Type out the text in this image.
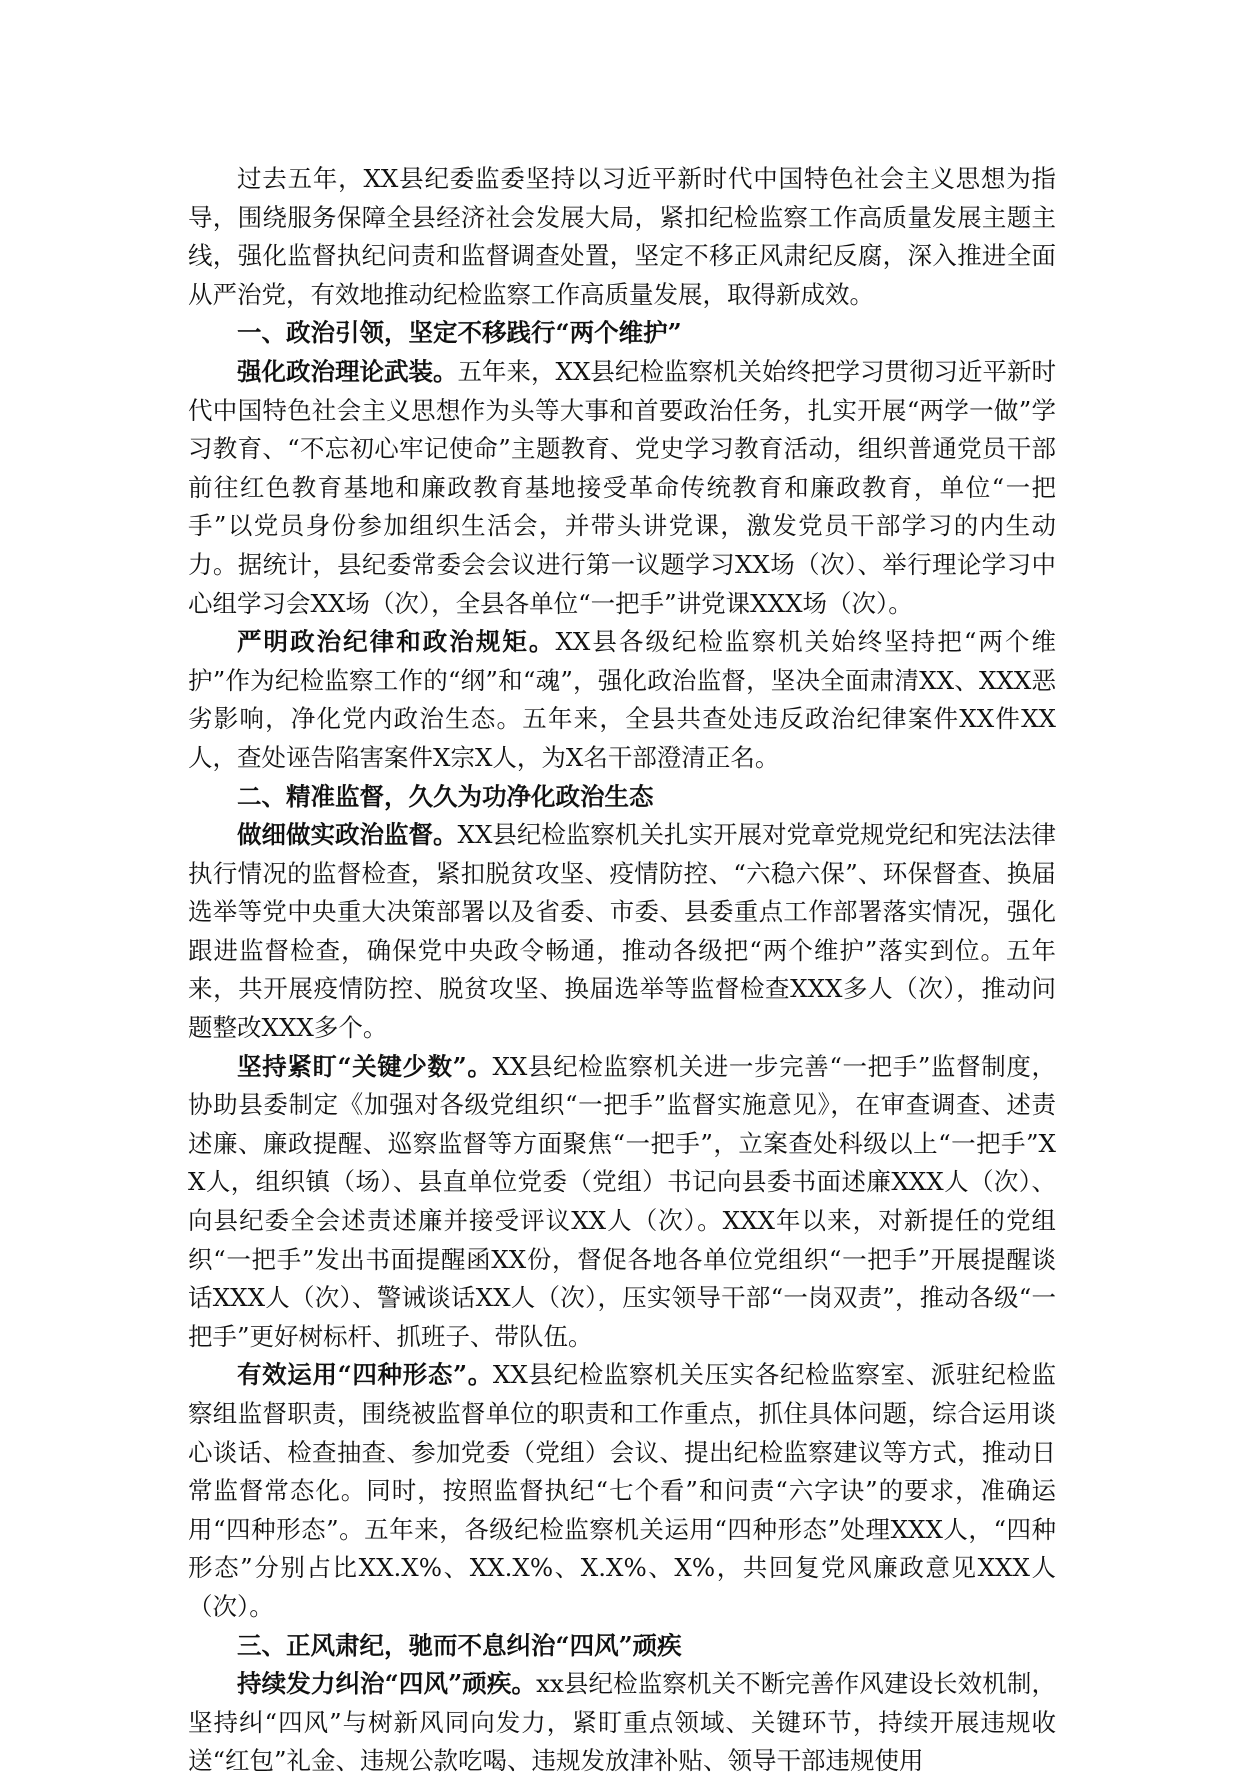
过去五年，XX县纪委监委坚持以习近平新时代中国特色社会主义思想为指导，围绕服务保障全县经济社会发展大局，紧扣纪检监察工作高质量发展主题主线，强化监督执纪问责和监督调查处置，坚定不移正风肃纪反腐，深入推进全面从严治党，有效地推动纪检监察工作高质量发展，取得新成效。

一、政治引领，坚定不移践行“两个维护”

强化政治理论武装。五年来，XX县纪检监察机关始终把学习贯彻习近平新时代中国特色社会主义思想作为头等大事和首要政治任务，扎实开展“两学一做”学习教育、“不忘初心牢记使命”主题教育、党史学习教育活动，组织普通党员干部前往红色教育基地和廉政教育基地接受革命传统教育和廉政教育，单位“一把手”以党员身份参加组织生活会，并带头讲党课，激发党员干部学习的内生动力。据统计，县纪委常委会会议进行第一议题学习XX场（次）、举行理论学习中心组学习会XX场（次），全县各单位“一把手”讲党课XXX场（次）。

严明政治纪律和政治规矩。XX县各级纪检监察机关始终坚持把“两个维护”作为纪检监察工作的“纲”和“魂”，强化政治监督，坚决全面肃清XX、XXX恶劣影响，净化党内政治生态。五年来，全县共查处违反政治纪律案件XX件XX人，查处诬告陷害案件X宗X人，为X名干部澄清正名。

二、精准监督，久久为功净化政治生态

做细做实政治监督。XX县纪检监察机关扎实开展对党章党规党纪和宪法法律执行情况的监督检查，紧扣脱贫攻坚、疫情防控、“六稳六保”、环保督查、换届选举等党中央重大决策部署以及省委、市委、县委重点工作部署落实情况，强化跟进监督检查，确保党中央政令畅通，推动各级把“两个维护”落实到位。五年来，共开展疫情防控、脱贫攻坚、换届选举等监督检查XXX多人（次），推动问题整改XXX多个。

坚持紧盯“关键少数”。XX县纪检监察机关进一步完善“一把手”监督制度，协助县委制定《加强对各级党组织“一把手”监督实施意见》，在审查调查、述责述廉、廉政提醒、巡察监督等方面聚焦“一把手”，立案查处科级以上“一把手”XX人，组织镇（场）、县直单位党委（党组）书记向县委书面述廉XXX人（次）、向县纪委全会述责述廉并接受评议XX人（次）。XXX年以来，对新提任的党组织“一把手”发出书面提醒函XX份，督促各地各单位党组织“一把手”开展提醒谈话XXX人（次）、警诫谈话XX人（次），压实领导干部“一岗双责”，推动各级“一把手”更好树标杆、抓班子、带队伍。

有效运用“四种形态”。XX县纪检监察机关压实各纪检监察室、派驻纪检监察组监督职责，围绕被监督单位的职责和工作重点，抓住具体问题，综合运用谈心谈话、检查抽查、参加党委（党组）会议、提出纪检监察建议等方式，推动日常监督常态化。同时，按照监督执纪“七个看”和问责“六字诀”的要求，准确运用“四种形态”。五年来，各级纪检监察机关运用“四种形态”处理XXX人，“四种形态”分别占比XX.X%、XX.X%、X.X%、X%，共回复党风廉政意见XXX人（次）。

三、正风肃纪，驰而不息纠治“四风”顽疾

持续发力纠治“四风”顽疾。xx县纪检监察机关不断完善作风建设长效机制，坚持纠“四风”与树新风同向发力，紧盯重点领域、关键环节，持续开展违规收送“红包”礼金、违规公款吃喝、违规发放津补贴、领导干部违规使用
